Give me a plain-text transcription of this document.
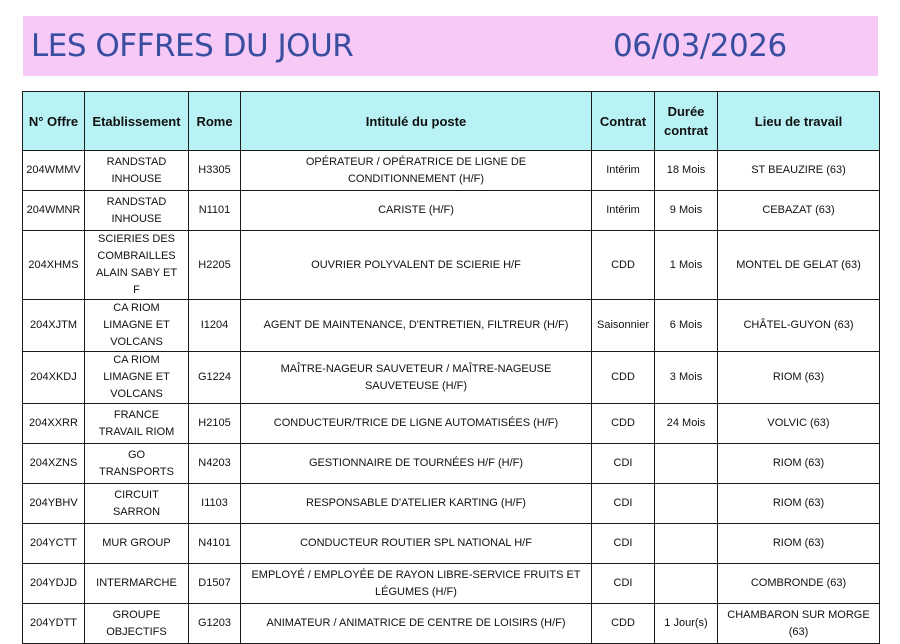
LES OFFRES DU JOUR	06/03/2026
N° Offre	Etablissement	Rome	Intitulé du poste	Contrat	Durée contrat	Lieu de travail
204WMMV	RANDSTAD INHOUSE	H3305	OPÉRATEUR / OPÉRATRICE DE LIGNE DE CONDITIONNEMENT (H/F)	Intérim	18 Mois	ST BEAUZIRE (63)
204WMNR	RANDSTAD INHOUSE	N1101	CARISTE (H/F)	Intérim	9 Mois	CEBAZAT (63)
204XHMS	SCIERIES DES COMBRAILLES ALAIN SABY ET F	H2205	OUVRIER POLYVALENT DE SCIERIE H/F	CDD	1 Mois	MONTEL DE GELAT (63)
204XJTM	CA RIOM LIMAGNE ET VOLCANS	I1204	AGENT DE MAINTENANCE, D'ENTRETIEN, FILTREUR (H/F)	Saisonnier	6 Mois	CHÂTEL-GUYON (63)
204XKDJ	CA RIOM LIMAGNE ET VOLCANS	G1224	MAÎTRE-NAGEUR SAUVETEUR / MAÎTRE-NAGEUSE SAUVETEUSE (H/F)	CDD	3 Mois	RIOM (63)
204XXRR	FRANCE TRAVAIL RIOM	H2105	CONDUCTEUR/TRICE DE LIGNE AUTOMATISÉES (H/F)	CDD	24 Mois	VOLVIC (63)
204XZNS	GO TRANSPORTS	N4203	GESTIONNAIRE DE TOURNÉES H/F (H/F)	CDI		RIOM (63)
204YBHV	CIRCUIT SARRON	I1103	RESPONSABLE D'ATELIER KARTING (H/F)	CDI		RIOM (63)
204YCTT	MUR GROUP	N4101	CONDUCTEUR ROUTIER SPL NATIONAL H/F	CDI		RIOM (63)
204YDJD	INTERMARCHE	D1507	EMPLOYÉ / EMPLOYÉE DE RAYON LIBRE-SERVICE FRUITS ET LÉGUMES (H/F)	CDI		COMBRONDE (63)
204YDTT	GROUPE OBJECTIFS	G1203	ANIMATEUR / ANIMATRICE DE CENTRE DE LOISIRS (H/F)	CDD	1 Jour(s)	CHAMBARON SUR MORGE (63)
